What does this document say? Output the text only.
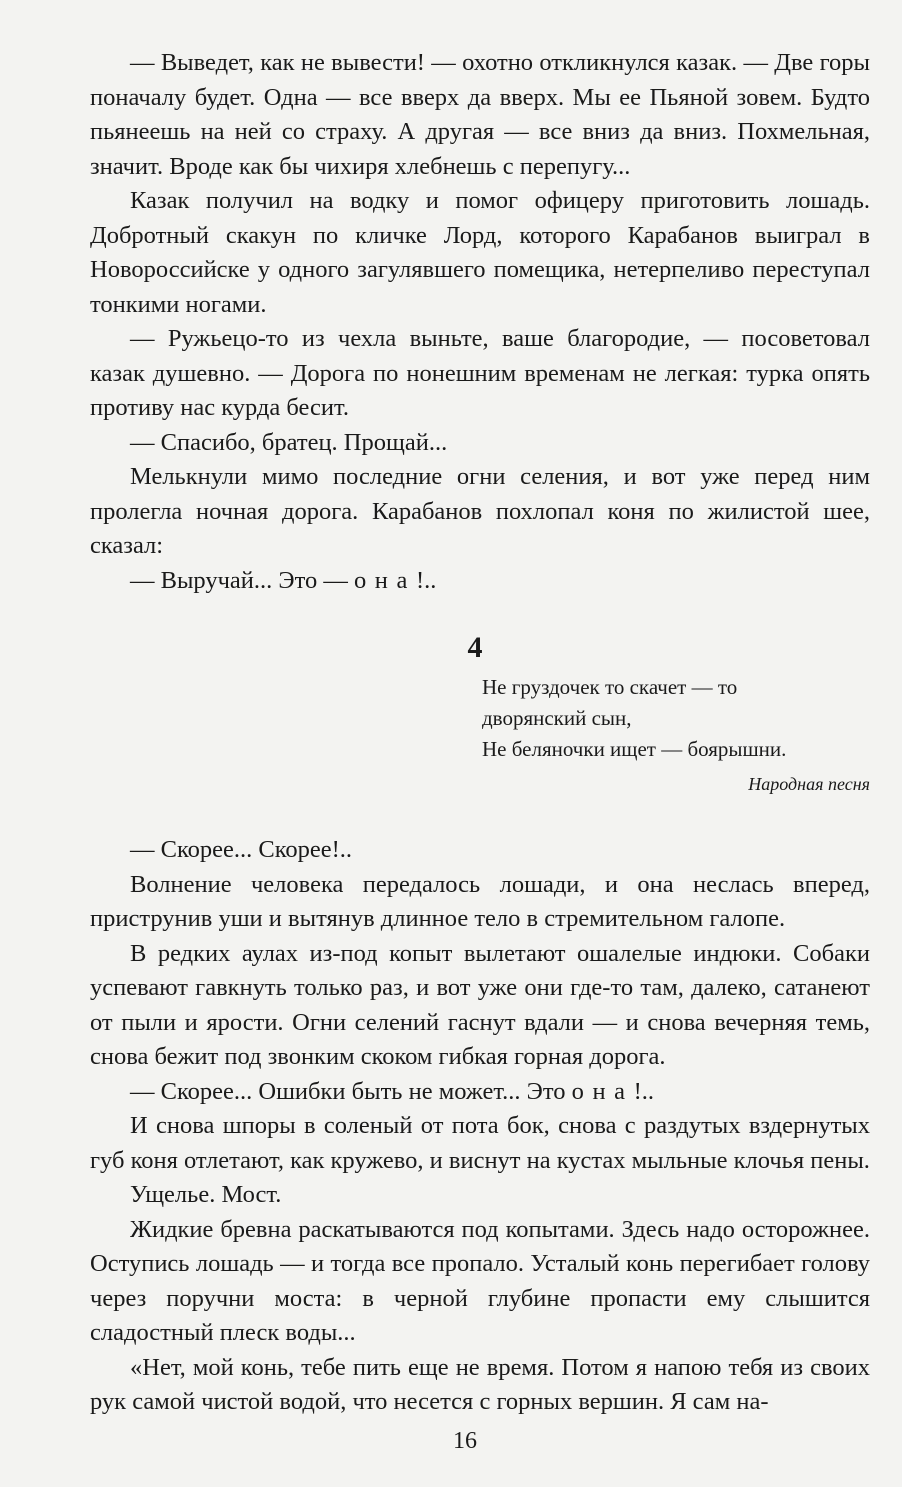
— Выведет, как не вывести! — охотно откликнулся казак. — Две горы поначалу будет. Одна — все вверх да вверх. Мы ее Пьяной зовем. Будто пьянеешь на ней со страху. А другая — все вниз да вниз. Похмельная, значит. Вроде как бы чихиря хлебнешь с перепугу...

Казак получил на водку и помог офицеру приготовить лошадь. Добротный скакун по кличке Лорд, которого Карабанов выиграл в Новороссийске у одного загулявшего помещика, нетерпеливо переступал тонкими ногами.

— Ружьецо-то из чехла выньте, ваше благородие, — посоветовал казак душевно. — Дорога по нонешним временам не легкая: турка опять противу нас курда бесит.

— Спасибо, братец. Прощай...

Мелькнули мимо последние огни селения, и вот уже перед ним пролегла ночная дорога. Карабанов похлопал коня по жилистой шее, сказал:

— Выручай... Это — она!..

4
Не груздочек то скачет — то
дворянский сын,
Не беляночки ищет — боярышни.
Народная песня

— Скорее... Скорее!..

Волнение человека передалось лошади, и она неслась вперед, приструнив уши и вытянув длинное тело в стремительном галопе.

В редких аулах из-под копыт вылетают ошалелые индюки. Собаки успевают гавкнуть только раз, и вот уже они где-то там, далеко, сатанеют от пыли и ярости. Огни селений гаснут вдали — и снова вечерняя темь, снова бежит под звонким скоком гибкая горная дорога.

— Скорее... Ошибки быть не может... Это она!..

И снова шпоры в соленый от пота бок, снова с раздутых вздернутых губ коня отлетают, как кружево, и виснут на кустах мыльные клочья пены.

Ущелье. Мост.

Жидкие бревна раскатываются под копытами. Здесь надо осторожнее. Оступись лошадь — и тогда все пропало. Усталый конь перегибает голову через поручни моста: в черной глубине пропасти ему слышится сладостный плеск воды...

«Нет, мой конь, тебе пить еще не время. Потом я напою тебя из своих рук самой чистой водой, что несется с горных вершин. Я сам на-

16
